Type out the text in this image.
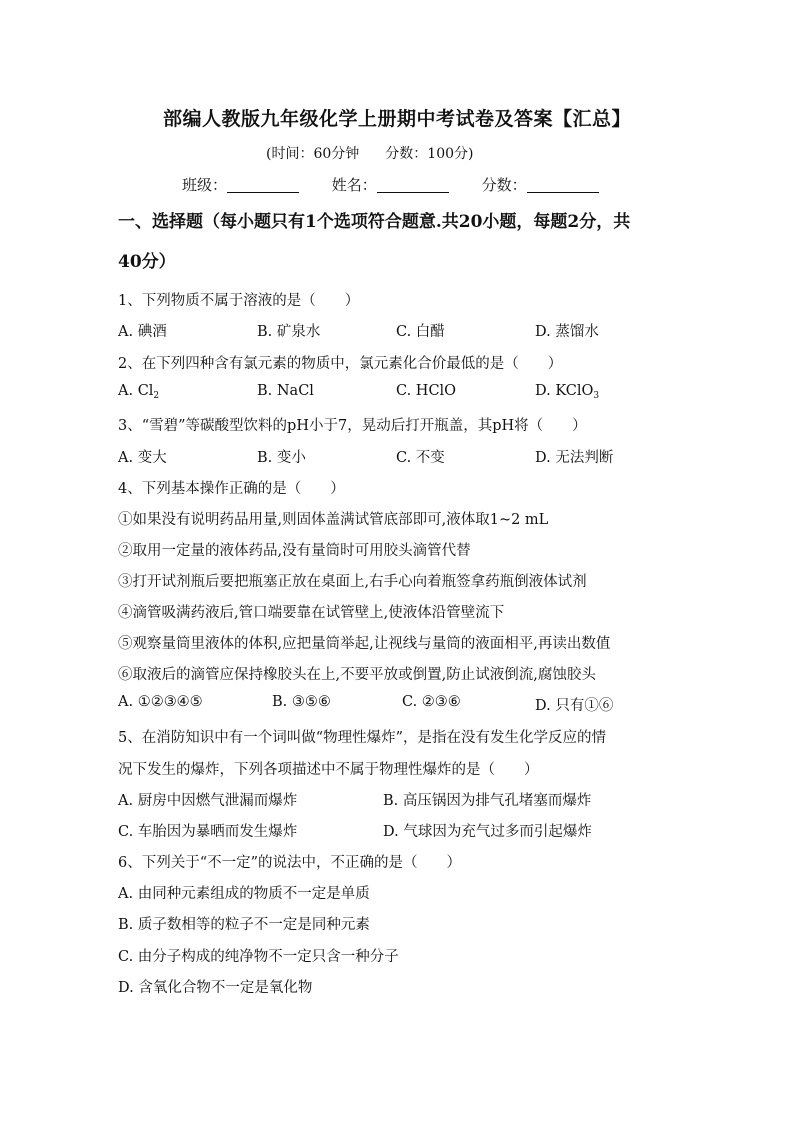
部编人教版九年级化学上册期中考试卷及答案【汇总】
(时间：60分钟 分数：100分)
班级：	姓名：	分数：
一、选择题（每小题只有1个选项符合题意.共20小题，每题2分，共
40分）
1、下列物质不属于溶液的是（　　）
A. 碘酒	B. 矿泉水	C. 白醋	D. 蒸馏水
2、在下列四种含有氯元素的物质中，氯元素化合价最低的是（　　）
A. $Cl_2$	B. NaCl	C. HClO	D. KClO$_3$
3、“雪碧”等碳酸型饮料的pH小于7，晃动后打开瓶盖，其pH将（　　）
A. 变大	B. 变小	C. 不变	D. 无法判断
4、下列基本操作正确的是（　　）
①如果没有说明药品用量,则固体盖满试管底部即可,液体取1~2 mL
②取用一定量的液体药品,没有量筒时可用胶头滴管代替
③打开试剂瓶后要把瓶塞正放在桌面上,右手心向着瓶签拿药瓶倒液体试剂
④滴管吸满药液后,管口端要靠在试管壁上,使液体沿管壁流下
⑤观察量筒里液体的体积,应把量筒举起,让视线与量筒的液面相平,再读出数值
⑥取液后的滴管应保持橡胶头在上,不要平放或倒置,防止试液倒流,腐蚀胶头
A. ①②③④⑤	B. ③⑤⑥	C. ②③⑥	D. 只有①⑥
5、在消防知识中有一个词叫做“物理性爆炸”，是指在没有发生化学反应的情
况下发生的爆炸，下列各项描述中不属于物理性爆炸的是（　　）
A. 厨房中因燃气泄漏而爆炸	B. 高压锅因为排气孔堵塞而爆炸
C. 车胎因为暴晒而发生爆炸	D. 气球因为充气过多而引起爆炸
6、下列关于“不一定”的说法中，不正确的是（　　）
A. 由同种元素组成的物质不一定是单质
B. 质子数相等的粒子不一定是同种元素
C. 由分子构成的纯净物不一定只含一种分子
D. 含氧化合物不一定是氧化物
